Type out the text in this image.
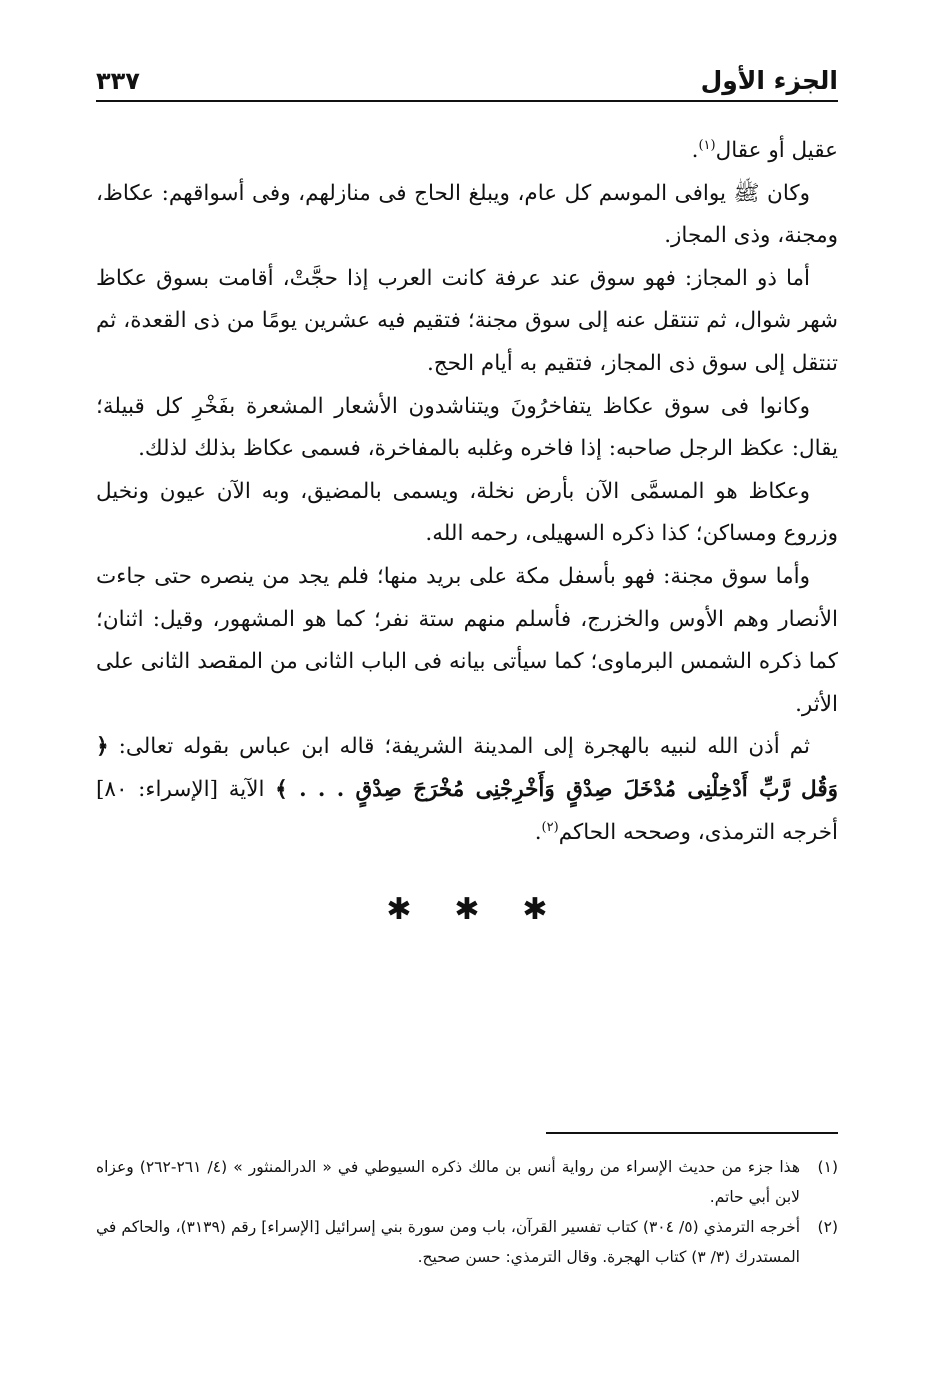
الجزء الأول
٣٣٧

عقيل أو عقال$^{(١)}$.

وكان ﷺ يوافى الموسم كل عام، ويبلغ الحاج فى منازلهم، وفى أسواقهم: عكاظ، ومجنة، وذى المجاز.

أما ذو المجاز: فهو سوق عند عرفة كانت العرب إذا حجَّتْ، أقامت بسوق عكاظ شهر شوال، ثم تنتقل عنه إلى سوق مجنة؛ فتقيم فيه عشرين يومًا من ذى القعدة، ثم تنتقل إلى سوق ذى المجاز، فتقيم به أيام الحج.

وكانوا فى سوق عكاظ يتفاخرُونَ ويتناشدون الأشعار المشعرة بفَخْرِ كل قبيلة؛ يقال: عكظ الرجل صاحبه: إذا فاخره وغلبه بالمفاخرة، فسمى عكاظ بذلك لذلك.

وعكاظ هو المسمَّى الآن بأرض نخلة، ويسمى بالمضيق، وبه الآن عيون ونخيل وزروع ومساكن؛ كذا ذكره السهيلى، رحمه الله.

وأما سوق مجنة: فهو بأسفل مكة على بريد منها؛ فلم يجد من ينصره حتى جاءت الأنصار وهم الأوس والخزرج، فأسلم منهم ستة نفر؛ كما هو المشهور، وقيل: اثنان؛ كما ذكره الشمس البرماوى؛ كما سيأتى بيانه فى الباب الثانى من المقصد الثانى على الأثر.

ثم أذن الله لنبيه بالهجرة إلى المدينة الشريفة؛ قاله ابن عباس بقوله تعالى: ﴿ وَقُل رَّبِّ أَدْخِلْنِى مُدْخَلَ صِدْقٍ وَأَخْرِجْنِى مُخْرَجَ صِدْقٍ . . . ﴾ الآية [الإسراء: ٨٠] أخرجه الترمذى، وصححه الحاكم$^{(٢)}$.

✱
✱
✱
(١)
هذا جزء من حديث الإسراء من رواية أنس بن مالك ذكره السيوطي في « الدرالمنثور » (٤/ ٢٦١-٢٦٢) وعزاه لابن أبي حاتم.
(٢)
أخرجه الترمذي (٥/ ٣٠٤) كتاب تفسير القرآن، باب ومن سورة بني إسرائيل [الإسراء] رقم (٣١٣٩)، والحاكم في المستدرك (٣/ ٣) كتاب الهجرة. وقال الترمذي: حسن صحيح.
